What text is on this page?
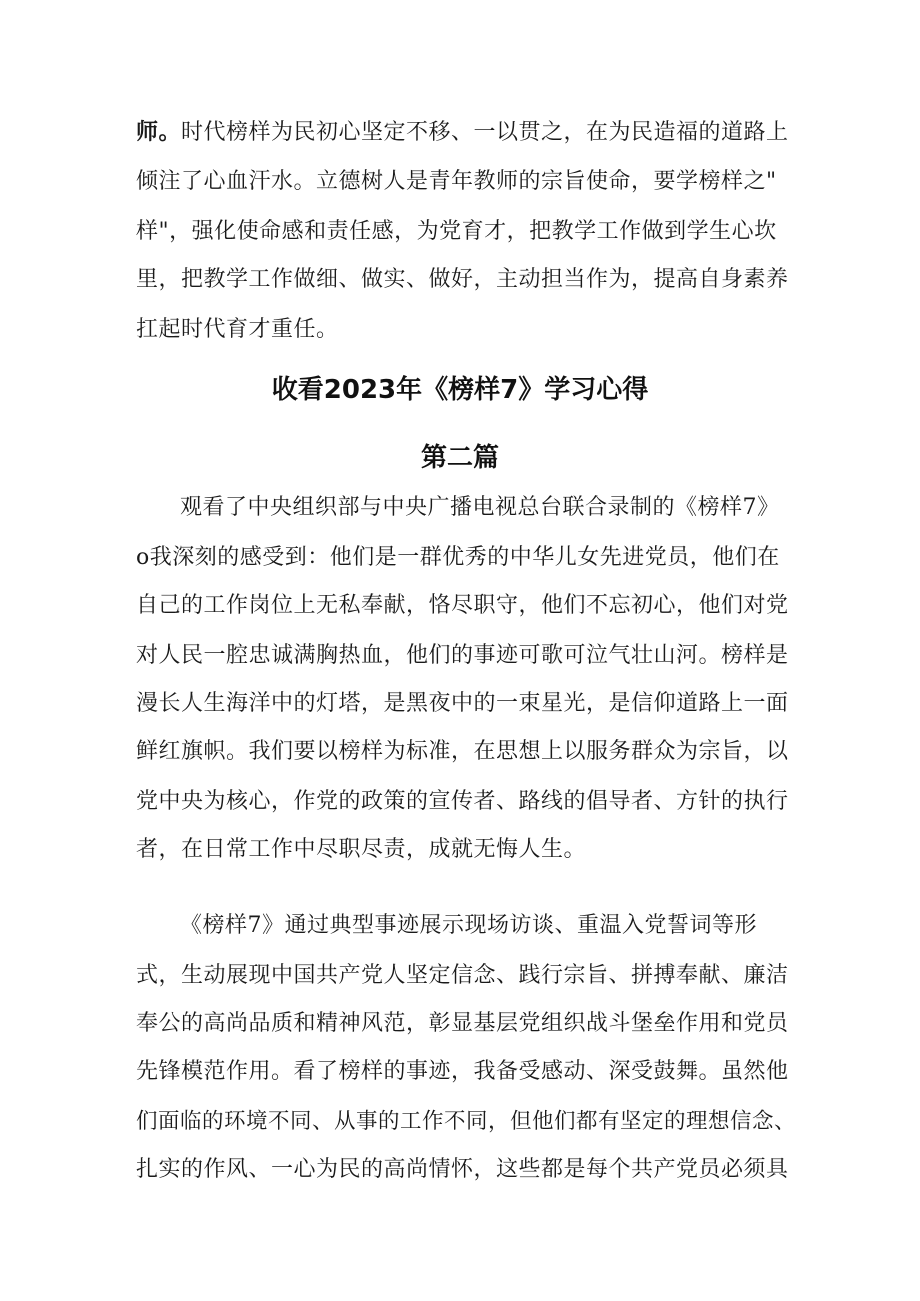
师。时代榜样为民初心坚定不移、一以贯之，在为民造福的道路上
倾注了心血汗水。立德树人是青年教师的宗旨使命，要学榜样之"
样"，强化使命感和责任感，为党育才，把教学工作做到学生心坎
里，把教学工作做细、做实、做好，主动担当作为，提高自身素养
扛起时代育才重任。
收看2023年《榜样7》学习心得
第二篇
观看了中央组织部与中央广播电视总台联合录制的《榜样7》
o我深刻的感受到：他们是一群优秀的中华儿女先进党员，他们在
自己的工作岗位上无私奉献，恪尽职守，他们不忘初心，他们对党
对人民一腔忠诚满胸热血，他们的事迹可歌可泣气壮山河。榜样是
漫长人生海洋中的灯塔，是黑夜中的一束星光，是信仰道路上一面
鲜红旗帜。我们要以榜样为标准，在思想上以服务群众为宗旨，以
党中央为核心，作党的政策的宣传者、路线的倡导者、方针的执行
者，在日常工作中尽职尽责，成就无悔人生。
《榜样7》通过典型事迹展示现场访谈、重温入党誓词等形
式，生动展现中国共产党人坚定信念、践行宗旨、拼搏奉献、廉洁
奉公的高尚品质和精神风范，彰显基层党组织战斗堡垒作用和党员
先锋模范作用。看了榜样的事迹，我备受感动、深受鼓舞。虽然他
们面临的环境不同、从事的工作不同，但他们都有坚定的理想信念、
扎实的作风、一心为民的高尚情怀，这些都是每个共产党员必须具
